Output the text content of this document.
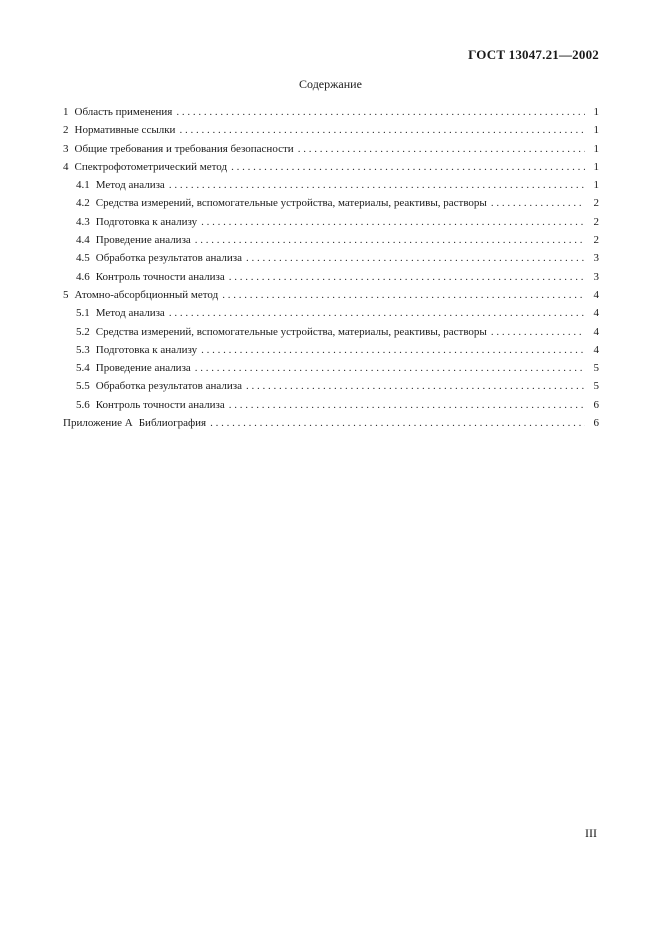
ГОСТ 13047.21—2002
Содержание
1 Область применения . . .	1
2 Нормативные ссылки . . .	1
3 Общие требования и требования безопасности . . .	1
4 Спектрофотометрический метод . . .	1
4.1 Метод анализа . . .	1
4.2 Средства измерений, вспомогательные устройства, материалы, реактивы, растворы . . .	2
4.3 Подготовка к анализу . . .	2
4.4 Проведение анализа . . .	2
4.5 Обработка результатов анализа . . .	3
4.6 Контроль точности анализа . . .	3
5 Атомно-абсорбционный метод . . .	4
5.1 Метод анализа . . .	4
5.2 Средства измерений, вспомогательные устройства, материалы, реактивы, растворы . . .	4
5.3 Подготовка к анализу . . .	4
5.4 Проведение анализа . . .	5
5.5 Обработка результатов анализа . . .	5
5.6 Контроль точности анализа . . .	6
Приложение А Библиография . . .	6
III
